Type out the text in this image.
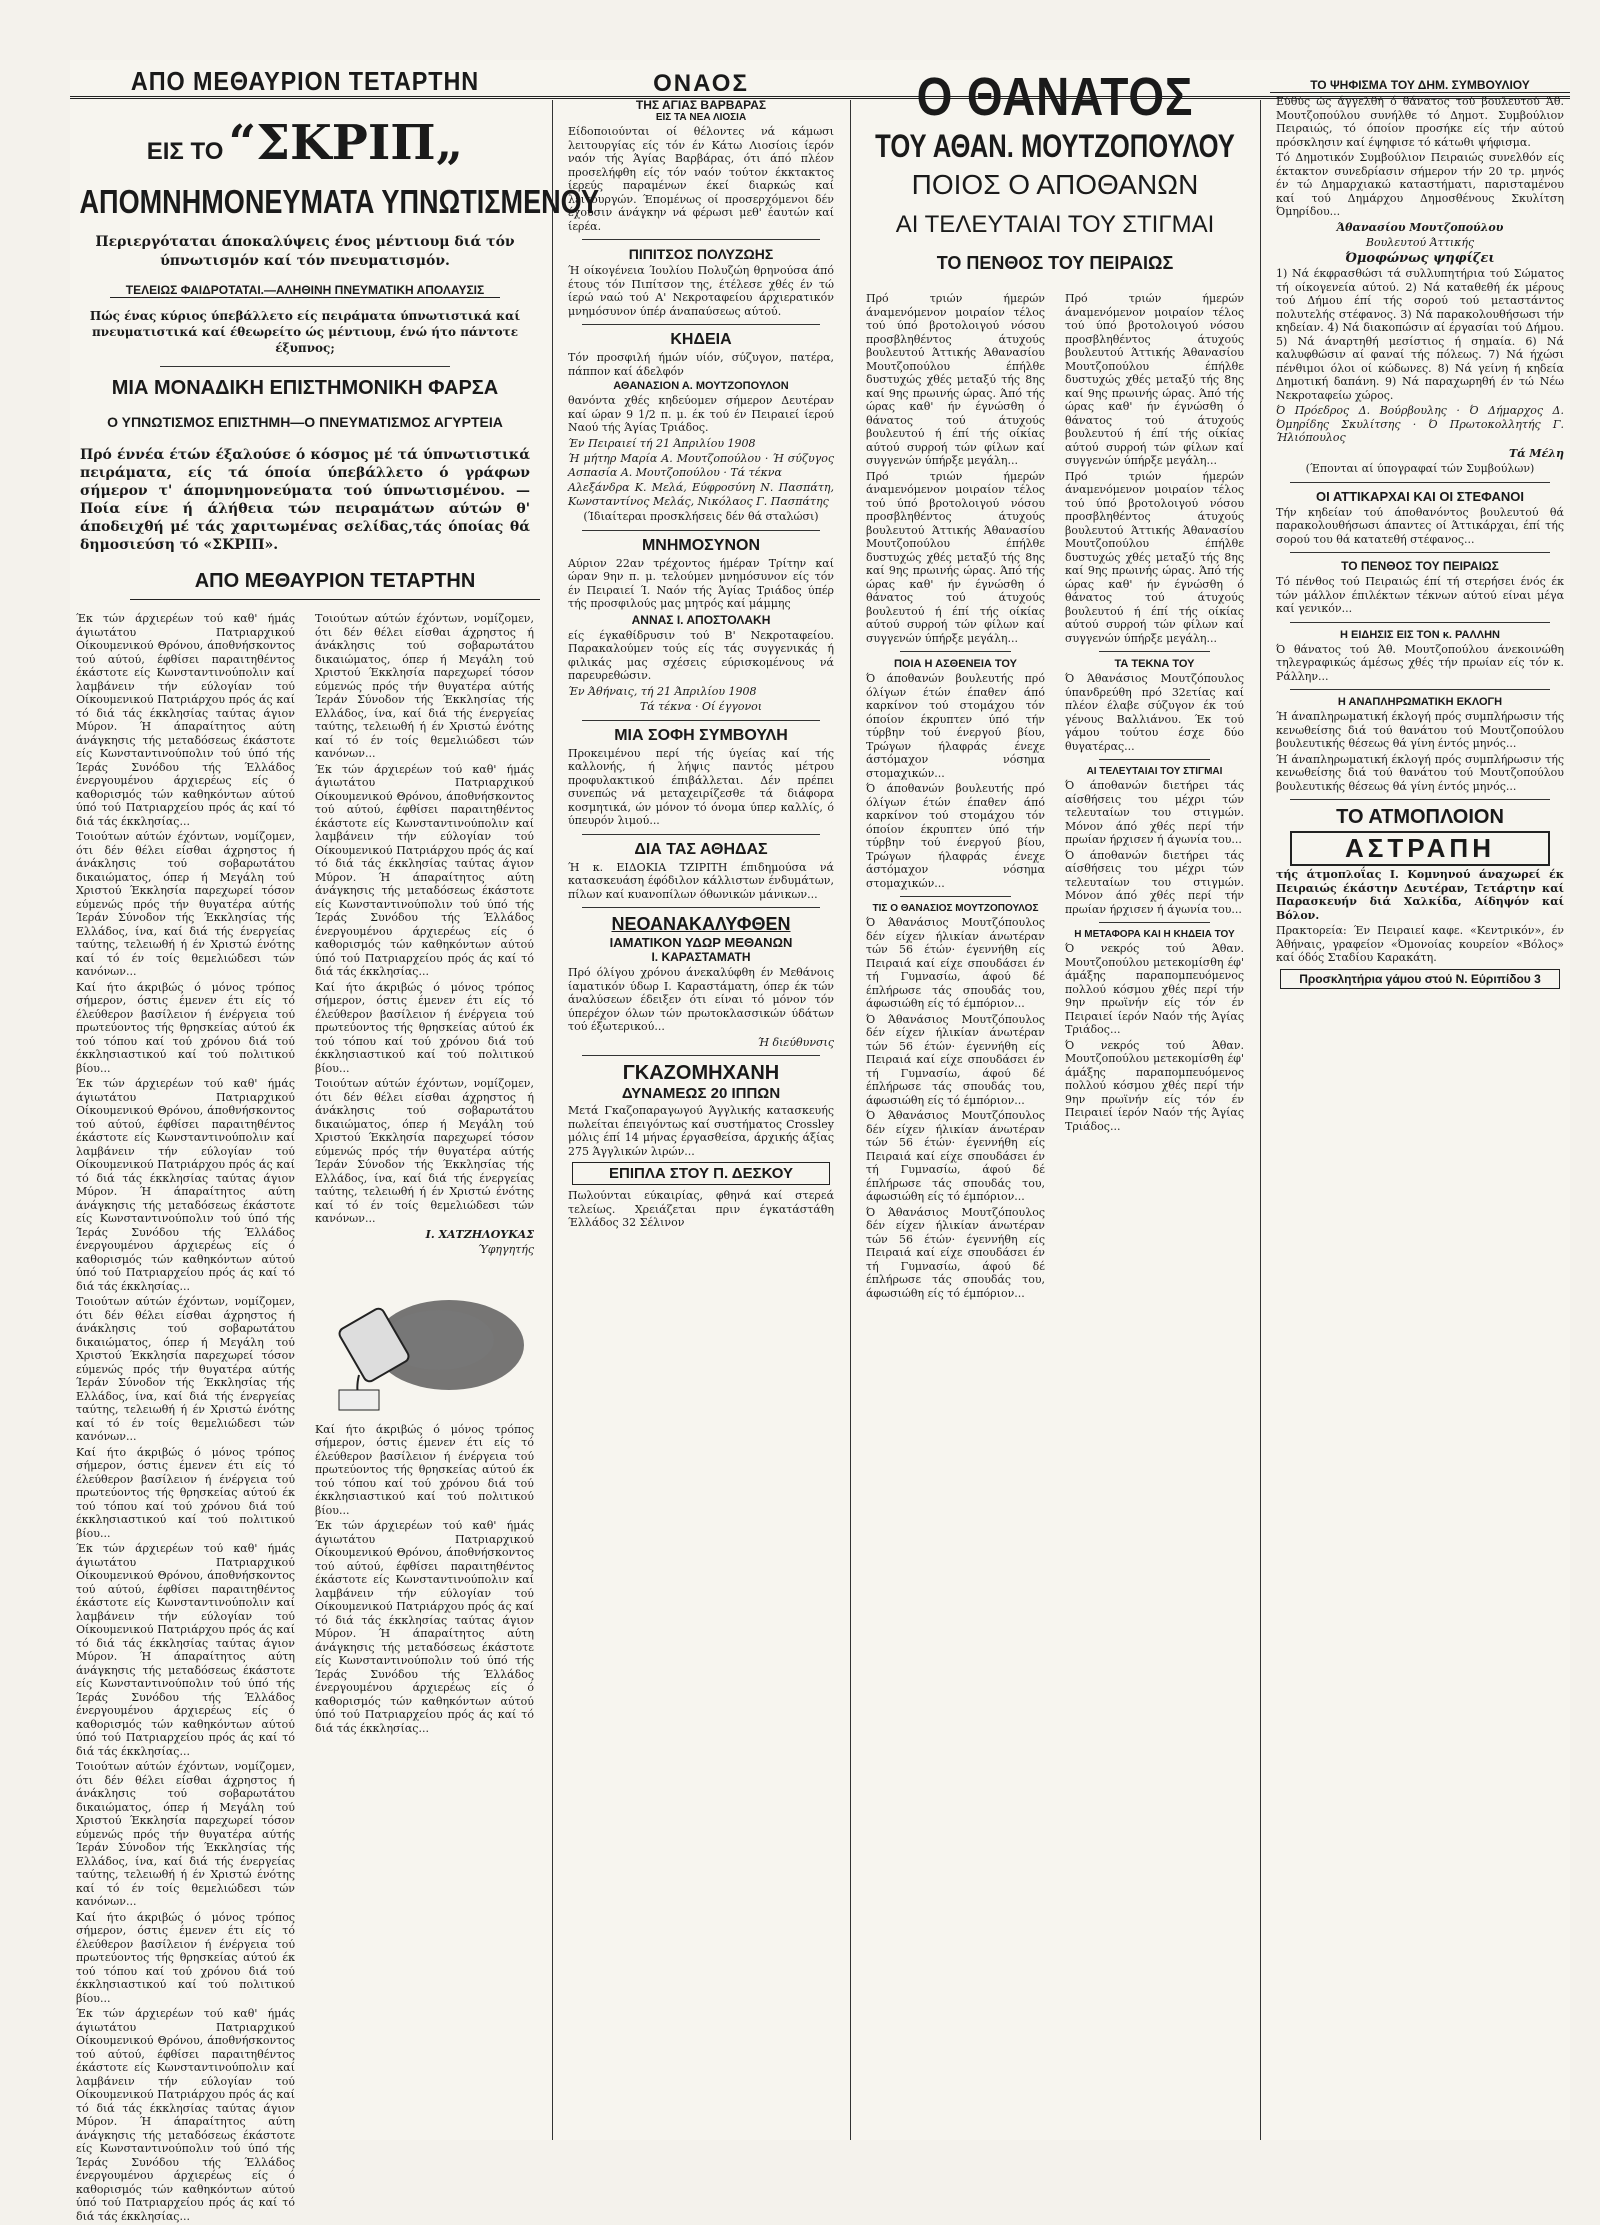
ΑΠΟ ΜΕΘΑΥΡΙΟΝ ΤΕΤΑΡΤΗΝ
ΕΙΣ ΤΟ “ΣΚΡΙΠ„
ΑΠΟΜΝΗΜΟΝΕΥΜΑΤΑ ΥΠΝΩΤΙΣΜΕΝΟΥ
Περιεργόταται άποκαλύψεις ένος μέντιουμ διά τόν ύπνωτισμόν καί τόν πνευματισμόν.
ΤΕΛΕΙΩΣ ΦΑΙΔΡΟΤΑΤΑΙ.—ΑΛΗΘΙΝΗ ΠΝΕΥΜΑΤΙΚΗ ΑΠΟΛΑΥΣΙΣ
Πώς ένας κύριος ύπεβάλλετο είς πειράματα ύπνωτιστικά καί πνευματιστικά καί έθεωρείτο ώς μέντιουμ, ένώ ήτο πάντοτε έξυπνος;
ΜΙΑ ΜΟΝΑΔΙΚΗ ΕΠΙΣΤΗΜΟΝΙΚΗ ΦΑΡΣΑ
Ο ΥΠΝΩΤΙΣΜΟΣ ΕΠΙΣΤΗΜΗ—Ο ΠΝΕΥΜΑΤΙΣΜΟΣ ΑΓΥΡΤΕΙΑ
Πρό έννέα έτών έξαλούσε ό κόσμος μέ τά ύπνωτιστικά πειράματα, είς τά όποία ύπεβάλλετο ό γράφων σήμερον τ' άπομνημονεύματα τού ύπνωτισμένου. — Ποία είνε ή άλήθεια τών πειραμάτων αύτών θ' άποδειχθή μέ τάς χαριτωμένας σελίδας,τάς όποίας θά δημοσιεύση τό «ΣΚΡΙΠ».
ΑΠΟ ΜΕΘΑΥΡΙΟΝ ΤΕΤΑΡΤΗΝ
Έκ τών άρχιερέων τού καθ' ήμάς άγιωτάτου Πατριαρχικού Οίκουμενικού Θρόνου, άποθνήσκοντος τού αύτού, έφθίσει παραιτηθέντος έκάστοτε είς Κωνσταντινούπολιν καί λαμβάνειν τήν εύλογίαν τού Οίκουμενικού Πατριάρχου πρός άς καί τό διά τάς έκκλησίας ταύτας άγιον Μύρον. Ή άπαραίτητος αύτη άνάγκησις τής μεταδόσεως έκάστοτε είς Κωνσταντινούπολιν τού ύπό τής Ίεράς Συνόδου τής Έλλάδος ένεργουμένου άρχιερέως είς ό καθορισμός τών καθηκόντων αύτού ύπό τού Πατριαρχείου πρός άς καί τό διά τάς έκκλησίας...
Τοιούτων αύτών έχόντων, νομίζομεν, ότι δέν θέλει είσθαι άχρηστος ή άνάκλησις τού σοβαρωτάτου δικαιώματος, όπερ ή Μεγάλη τού Χριστού Έκκλησία παρεχωρεί τόσον εύμενώς πρός τήν θυγατέρα αύτής Ίεράν Σύνοδον τής Έκκλησίας τής Ελλάδος, ίνα, καί διά τής ένεργείας ταύτης, τελειωθή ή έν Χριστώ ένότης καί τό έν τοίς θεμελιώδεσι τών κανόνων...
Καί ήτο άκριβώς ό μόνος τρόπος σήμερον, όστις έμενεν έτι είς τό έλεύθερον βασίλειον ή ένέργεια τού πρωτεύοντος τής θρησκείας αύτού έκ τού τόπου καί τού χρόνου διά τού έκκλησιαστικού καί τού πολιτικού βίου...
Έκ τών άρχιερέων τού καθ' ήμάς άγιωτάτου Πατριαρχικού Οίκουμενικού Θρόνου, άποθνήσκοντος τού αύτού, έφθίσει παραιτηθέντος έκάστοτε είς Κωνσταντινούπολιν καί λαμβάνειν τήν εύλογίαν τού Οίκουμενικού Πατριάρχου πρός άς καί τό διά τάς έκκλησίας ταύτας άγιον Μύρον. Ή άπαραίτητος αύτη άνάγκησις τής μεταδόσεως έκάστοτε είς Κωνσταντινούπολιν τού ύπό τής Ίεράς Συνόδου τής Έλλάδος ένεργουμένου άρχιερέως είς ό καθορισμός τών καθηκόντων αύτού ύπό τού Πατριαρχείου πρός άς καί τό διά τάς έκκλησίας...
Τοιούτων αύτών έχόντων, νομίζομεν, ότι δέν θέλει είσθαι άχρηστος ή άνάκλησις τού σοβαρωτάτου δικαιώματος, όπερ ή Μεγάλη τού Χριστού Έκκλησία παρεχωρεί τόσον εύμενώς πρός τήν θυγατέρα αύτής Ίεράν Σύνοδον τής Έκκλησίας τής Ελλάδος, ίνα, καί διά τής ένεργείας ταύτης, τελειωθή ή έν Χριστώ ένότης καί τό έν τοίς θεμελιώδεσι τών κανόνων...
Καί ήτο άκριβώς ό μόνος τρόπος σήμερον, όστις έμενεν έτι είς τό έλεύθερον βασίλειον ή ένέργεια τού πρωτεύοντος τής θρησκείας αύτού έκ τού τόπου καί τού χρόνου διά τού έκκλησιαστικού καί τού πολιτικού βίου...
Έκ τών άρχιερέων τού καθ' ήμάς άγιωτάτου Πατριαρχικού Οίκουμενικού Θρόνου, άποθνήσκοντος τού αύτού, έφθίσει παραιτηθέντος έκάστοτε είς Κωνσταντινούπολιν καί λαμβάνειν τήν εύλογίαν τού Οίκουμενικού Πατριάρχου πρός άς καί τό διά τάς έκκλησίας ταύτας άγιον Μύρον. Ή άπαραίτητος αύτη άνάγκησις τής μεταδόσεως έκάστοτε είς Κωνσταντινούπολιν τού ύπό τής Ίεράς Συνόδου τής Έλλάδος ένεργουμένου άρχιερέως είς ό καθορισμός τών καθηκόντων αύτού ύπό τού Πατριαρχείου πρός άς καί τό διά τάς έκκλησίας...
Τοιούτων αύτών έχόντων, νομίζομεν, ότι δέν θέλει είσθαι άχρηστος ή άνάκλησις τού σοβαρωτάτου δικαιώματος, όπερ ή Μεγάλη τού Χριστού Έκκλησία παρεχωρεί τόσον εύμενώς πρός τήν θυγατέρα αύτής Ίεράν Σύνοδον τής Έκκλησίας τής Ελλάδος, ίνα, καί διά τής ένεργείας ταύτης, τελειωθή ή έν Χριστώ ένότης καί τό έν τοίς θεμελιώδεσι τών κανόνων...
Καί ήτο άκριβώς ό μόνος τρόπος σήμερον, όστις έμενεν έτι είς τό έλεύθερον βασίλειον ή ένέργεια τού πρωτεύοντος τής θρησκείας αύτού έκ τού τόπου καί τού χρόνου διά τού έκκλησιαστικού καί τού πολιτικού βίου...
Έκ τών άρχιερέων τού καθ' ήμάς άγιωτάτου Πατριαρχικού Οίκουμενικού Θρόνου, άποθνήσκοντος τού αύτού, έφθίσει παραιτηθέντος έκάστοτε είς Κωνσταντινούπολιν καί λαμβάνειν τήν εύλογίαν τού Οίκουμενικού Πατριάρχου πρός άς καί τό διά τάς έκκλησίας ταύτας άγιον Μύρον. Ή άπαραίτητος αύτη άνάγκησις τής μεταδόσεως έκάστοτε είς Κωνσταντινούπολιν τού ύπό τής Ίεράς Συνόδου τής Έλλάδος ένεργουμένου άρχιερέως είς ό καθορισμός τών καθηκόντων αύτού ύπό τού Πατριαρχείου πρός άς καί τό διά τάς έκκλησίας...
Τοιούτων αύτών έχόντων, νομίζομεν, ότι δέν θέλει είσθαι άχρηστος ή άνάκλησις τού σοβαρωτάτου δικαιώματος, όπερ ή Μεγάλη τού Χριστού Έκκλησία παρεχωρεί τόσον εύμενώς πρός τήν θυγατέρα αύτής Ίεράν Σύνοδον τής Έκκλησίας τής Ελλάδος, ίνα, καί διά τής ένεργείας ταύτης, τελειωθή ή έν Χριστώ ένότης καί τό έν τοίς θεμελιώδεσι τών κανόνων...
Έκ τών άρχιερέων τού καθ' ήμάς άγιωτάτου Πατριαρχικού Οίκουμενικού Θρόνου, άποθνήσκοντος τού αύτού, έφθίσει παραιτηθέντος έκάστοτε είς Κωνσταντινούπολιν καί λαμβάνειν τήν εύλογίαν τού Οίκουμενικού Πατριάρχου πρός άς καί τό διά τάς έκκλησίας ταύτας άγιον Μύρον. Ή άπαραίτητος αύτη άνάγκησις τής μεταδόσεως έκάστοτε είς Κωνσταντινούπολιν τού ύπό τής Ίεράς Συνόδου τής Έλλάδος ένεργουμένου άρχιερέως είς ό καθορισμός τών καθηκόντων αύτού ύπό τού Πατριαρχείου πρός άς καί τό διά τάς έκκλησίας...
Καί ήτο άκριβώς ό μόνος τρόπος σήμερον, όστις έμενεν έτι είς τό έλεύθερον βασίλειον ή ένέργεια τού πρωτεύοντος τής θρησκείας αύτού έκ τού τόπου καί τού χρόνου διά τού έκκλησιαστικού καί τού πολιτικού βίου...
Τοιούτων αύτών έχόντων, νομίζομεν, ότι δέν θέλει είσθαι άχρηστος ή άνάκλησις τού σοβαρωτάτου δικαιώματος, όπερ ή Μεγάλη τού Χριστού Έκκλησία παρεχωρεί τόσον εύμενώς πρός τήν θυγατέρα αύτής Ίεράν Σύνοδον τής Έκκλησίας τής Ελλάδος, ίνα, καί διά τής ένεργείας ταύτης, τελειωθή ή έν Χριστώ ένότης καί τό έν τοίς θεμελιώδεσι τών κανόνων...
Ι. ΧΑΤΖΗΛΟΥΚΑΣ
Ύφηγητής
Καί ήτο άκριβώς ό μόνος τρόπος σήμερον, όστις έμενεν έτι είς τό έλεύθερον βασίλειον ή ένέργεια τού πρωτεύοντος τής θρησκείας αύτού έκ τού τόπου καί τού χρόνου διά τού έκκλησιαστικού καί τού πολιτικού βίου...
Έκ τών άρχιερέων τού καθ' ήμάς άγιωτάτου Πατριαρχικού Οίκουμενικού Θρόνου, άποθνήσκοντος τού αύτού, έφθίσει παραιτηθέντος έκάστοτε είς Κωνσταντινούπολιν καί λαμβάνειν τήν εύλογίαν τού Οίκουμενικού Πατριάρχου πρός άς καί τό διά τάς έκκλησίας ταύτας άγιον Μύρον. Ή άπαραίτητος αύτη άνάγκησις τής μεταδόσεως έκάστοτε είς Κωνσταντινούπολιν τού ύπό τής Ίεράς Συνόδου τής Έλλάδος ένεργουμένου άρχιερέως είς ό καθορισμός τών καθηκόντων αύτού ύπό τού Πατριαρχείου πρός άς καί τό διά τάς έκκλησίας...
ΟΝΑΟΣ
ΤΗΣ ΑΓΙΑΣ ΒΑΡΒΑΡΑΣ
ΕΙΣ ΤΑ ΝΕΑ ΛΙΟΣΙΑ
Είδοποιούνται οί θέλοντες νά κάμωσι λειτουργίας είς τόν έν Κάτω Λιοσίοις ίερόν ναόν τής Άγίας Βαρβάρας, ότι άπό πλέον προσελήφθη είς τόν ναόν τούτον έκκτακτος ίερεύς παραμένων έκεί διαρκώς καί λειτουργών. Έπομένως οί προσερχόμενοι δέν έχουσιν άνάγκην νά φέρωσι μεθ' έαυτών καί ίερέα.
ΠΙΠΙΤΣΟΣ ΠΟΛΥΖΩΗΣ
Ή οίκογένεια Ίουλίου Πολυζώη θρηνούσα άπό έτους τόν Πιπίτσον της, έτέλεσε χθές έν τώ ίερώ ναώ τού Α' Νεκροταφείου άρχιερατικόν μνημόσυνον ύπέρ άναπαύσεως αύτού.
ΚΗΔΕΙΑ
Τόν προσφιλή ήμών υίόν, σύζυγον, πατέρα, πάππον καί άδελφόν
ΑΘΑΝΑΣΙΟΝ Α. ΜΟΥΤΖΟΠΟΥΛΟΝ
θανόντα χθές κηδεύομεν σήμερον Δευτέραν καί ώραν 9 1/2 π. μ. έκ τού έν Πειραιεί ίερού Ναού τής Άγίας Τριάδος.
Έν Πειραιεί τή 21 Άπριλίου 1908
Ή μήτηρ Μαρία Α. Μουτζοπούλου · Ή σύζυγος Ασπασία Α. Μουτζοπούλου · Τά τέκνα
Αλεξάνδρα Κ. Μελά, Εύφροσύνη Ν. Πασπάτη, Κωνσταντίνος Μελάς, Νικόλαος Γ. Πασπάτης
(Ίδιαίτεραι προσκλήσεις δέν θά σταλώσι)
ΜΝΗΜΟΣΥΝΟΝ
Αύριον 22αν τρέχοντος ήμέραν Τρίτην καί ώραν 9ην π. μ. τελούμεν μνημόσυνον είς τόν έν Πειραιεί Ί. Ναόν τής Άγίας Τριάδος ύπέρ τής προσφιλούς μας μητρός καί μάμμης
ΑΝΝΑΣ Ι. ΑΠΟΣΤΟΛΑΚΗ
είς έγκαθίδρυσιν τού Β' Νεκροταφείου. Παρακαλούμεν τούς είς τάς συγγενικάς ή φιλικάς μας σχέσεις εύρισκομένους νά παρευρεθώσιν.
Έν Άθήναις, τή 21 Άπριλίου 1908
Τά τέκνα · Οί έγγονοι
ΜΙΑ ΣΟΦΗ ΣΥΜΒΟΥΛΗ
Προκειμένου περί τής ύγείας καί τής καλλονής, ή λήψις παντός μέτρου προφυλακτικού έπιβάλλεται. Δέν πρέπει συνεπώς νά μεταχειρίζεσθε τά διάφορα κοσμητικά, ών μόνον τό όνομα ύπερ καλλίς, ό ύπευρόν λιμού...
ΔΙΑ ΤΑΣ ΑΘΗΔΑΣ
Ή κ. ΕΙΔΟΚΙΑ ΤΖΙΡΙΤΗ έπιδημούσα νά κατασκευάση έφόδιλον κάλλιστων ένδυμάτων, πίλων καί κυανοπίλων όθωνικών μάνικων...
ΝΕΟΑΝΑΚΑΛΥΦΘΕΝ
ΙΑΜΑΤΙΚΟΝ ΥΔΩΡ ΜΕΘΑΝΩΝ
Ι. ΚΑΡΑΣΤΑΜΑΤΗ
Πρό όλίγου χρόνου άνεκαλύφθη έν Μεθάνοις ίαματικόν ύδωρ Ι. Καραστάματη, όπερ έκ τών άναλύσεων έδειξεν ότι είναι τό μόνον τόν ύπερέχον όλων τών πρωτοκλασσικών ύδάτων τού έξωτερικού...
Ή διεύθυνσις
ΓΚΑΖΟΜΗΧΑΝΗ
ΔΥΝΑΜΕΩΣ 20 ΙΠΠΩΝ
Μετά Γκαζοπαραγωγού Άγγλικής κατασκευής πωλείται έπειγόντως καί συστήματος Crossley μόλις έπί 14 μήνας έργασθείσα, άρχικής άξίας 275 Άγγλικών λιρών...
ΕΠΙΠΛΑ ΣΤΟΥ Π. ΔΕΣΚΟΥ
Πωλούνται εύκαιρίας, φθηνά καί στερεά τελείως. Χρειάζεται πριν έγκατάστάθη Έλλάδος 32 Σέλινον
Ο ΘΑΝΑΤΟΣ
ΤΟΥ ΑΘΑΝ. ΜΟΥΤΖΟΠΟΥΛΟΥ
ΠΟΙΟΣ Ο ΑΠΟΘΑΝΩΝ
ΑΙ ΤΕΛΕΥΤΑΙΑΙ ΤΟΥ ΣΤΙΓΜΑΙ
ΤΟ ΠΕΝΘΟΣ ΤΟΥ ΠΕΙΡΑΙΩΣ
Πρό τριών ήμερών άναμενόμενον μοιραίον τέλος τού ύπό βροτολοιγού νόσου προσβληθέντος άτυχούς βουλευτού Άττικής Άθανασίου Μουτζοπούλου έπήλθε δυστυχώς χθές μεταξύ τής 8ης καί 9ης πρωινής ώρας. Άπό τής ώρας καθ' ήν έγνώσθη ό θάνατος τού άτυχούς βουλευτού ή έπί τής οίκίας αύτού συρροή τών φίλων καί συγγενών ύπήρξε μεγάλη...
Πρό τριών ήμερών άναμενόμενον μοιραίον τέλος τού ύπό βροτολοιγού νόσου προσβληθέντος άτυχούς βουλευτού Άττικής Άθανασίου Μουτζοπούλου έπήλθε δυστυχώς χθές μεταξύ τής 8ης καί 9ης πρωινής ώρας. Άπό τής ώρας καθ' ήν έγνώσθη ό θάνατος τού άτυχούς βουλευτού ή έπί τής οίκίας αύτού συρροή τών φίλων καί συγγενών ύπήρξε μεγάλη...
ΠΟΙΑ Η ΑΣΘΕΝΕΙΑ ΤΟΥ
Ό άποθανών βουλευτής πρό όλίγων έτών έπαθεν άπό καρκίνον τού στομάχου τόν όποίον έκρυπτεν ύπό τήν τύρβην τού ένεργού βίου, Τρώγων ήλαφράς ένεχε άστόμαχον νόσημα στομαχικών...
Ό άποθανών βουλευτής πρό όλίγων έτών έπαθεν άπό καρκίνον τού στομάχου τόν όποίον έκρυπτεν ύπό τήν τύρβην τού ένεργού βίου, Τρώγων ήλαφράς ένεχε άστόμαχον νόσημα στομαχικών...
ΤΙΣ Ο ΘΑΝΑΣΙΟΣ ΜΟΥΤΖΟΠΟΥΛΟΣ
Ό Άθανάσιος Μουτζόπουλος δέν είχεν ήλικίαν άνωτέραν τών 56 έτών· έγεννήθη είς Πειραιά καί είχε σπουδάσει έν τή Γυμνασίω, άφού δέ έπλήρωσε τάς σπουδάς του, άφωσιώθη είς τό έμπόριον...
Ό Άθανάσιος Μουτζόπουλος δέν είχεν ήλικίαν άνωτέραν τών 56 έτών· έγεννήθη είς Πειραιά καί είχε σπουδάσει έν τή Γυμνασίω, άφού δέ έπλήρωσε τάς σπουδάς του, άφωσιώθη είς τό έμπόριον...
Ό Άθανάσιος Μουτζόπουλος δέν είχεν ήλικίαν άνωτέραν τών 56 έτών· έγεννήθη είς Πειραιά καί είχε σπουδάσει έν τή Γυμνασίω, άφού δέ έπλήρωσε τάς σπουδάς του, άφωσιώθη είς τό έμπόριον...
Ό Άθανάσιος Μουτζόπουλος δέν είχεν ήλικίαν άνωτέραν τών 56 έτών· έγεννήθη είς Πειραιά καί είχε σπουδάσει έν τή Γυμνασίω, άφού δέ έπλήρωσε τάς σπουδάς του, άφωσιώθη είς τό έμπόριον...
Πρό τριών ήμερών άναμενόμενον μοιραίον τέλος τού ύπό βροτολοιγού νόσου προσβληθέντος άτυχούς βουλευτού Άττικής Άθανασίου Μουτζοπούλου έπήλθε δυστυχώς χθές μεταξύ τής 8ης καί 9ης πρωινής ώρας. Άπό τής ώρας καθ' ήν έγνώσθη ό θάνατος τού άτυχούς βουλευτού ή έπί τής οίκίας αύτού συρροή τών φίλων καί συγγενών ύπήρξε μεγάλη...
Πρό τριών ήμερών άναμενόμενον μοιραίον τέλος τού ύπό βροτολοιγού νόσου προσβληθέντος άτυχούς βουλευτού Άττικής Άθανασίου Μουτζοπούλου έπήλθε δυστυχώς χθές μεταξύ τής 8ης καί 9ης πρωινής ώρας. Άπό τής ώρας καθ' ήν έγνώσθη ό θάνατος τού άτυχούς βουλευτού ή έπί τής οίκίας αύτού συρροή τών φίλων καί συγγενών ύπήρξε μεγάλη...
ΤΑ ΤΕΚΝΑ ΤΟΥ
Ό Άθανάσιος Μουτζόπουλος ύπανδρεύθη πρό 32ετίας καί πλέον έλαβε σύζυγον έκ τού γένους Βαλλιάνου. Έκ τού γάμου τούτου έσχε δύο θυγατέρας...
ΑΙ ΤΕΛΕΥΤΑΙΑΙ ΤΟΥ ΣΤΙΓΜΑΙ
Ό άποθανών διετήρει τάς αίσθήσεις του μέχρι τών τελευταίων του στιγμών. Μόνον άπό χθές περί τήν πρωίαν ήρχισεν ή άγωνία του...
Ό άποθανών διετήρει τάς αίσθήσεις του μέχρι τών τελευταίων του στιγμών. Μόνον άπό χθές περί τήν πρωίαν ήρχισεν ή άγωνία του...
Η ΜΕΤΑΦΟΡΑ ΚΑΙ Η ΚΗΔΕΙΑ ΤΟΥ
Ό νεκρός τού Άθαν. Μουτζοπούλου μετεκομίσθη έφ' άμάξης παραπομπευόμενος πολλού κόσμου χθές περί τήν 9ην πρωϊνήν είς τόν έν Πειραιεί ίερόν Ναόν τής Άγίας Τριάδος...
Ό νεκρός τού Άθαν. Μουτζοπούλου μετεκομίσθη έφ' άμάξης παραπομπευόμενος πολλού κόσμου χθές περί τήν 9ην πρωϊνήν είς τόν έν Πειραιεί ίερόν Ναόν τής Άγίας Τριάδος...
ΤΟ ΨΗΦΙΣΜΑ ΤΟΥ ΔΗΜ. ΣΥΜΒΟΥΛΙΟΥ
Εύθύς ώς άγγελθή ό θάνατος τού βουλευτού Άθ. Μουτζοπούλου συνήλθε τό Δημοτ. Συμβούλιον Πειραιώς, τό όποίον προσήκε είς τήν αύτού πρόσκλησιν καί έψηφισε τό κάτωθι ψήφισμα.
Τό Δημοτικόν Συμβούλιον Πειραιώς συνελθόν είς έκτακτον συνεδρίασιν σήμερον τήν 20 τρ. μηνός έν τώ Δημαρχιακώ καταστήματι, παρισταμένου καί τού Δημάρχου Δημοσθένους Σκυλίτση Όμηρίδου...
Άθανασίου Μουτζοπούλου
Βουλευτού Άττικής
Όμοφώνως ψηφίζει
1) Νά έκφρασθώσι τά συλλυπητήρια τού Σώματος τή οίκογενεία αύτού. 2) Νά καταθεθή έκ μέρους τού Δήμου έπί τής σορού τού μεταστάντος πολυτελής στέφανος. 3) Νά παρακολουθήσωσι τήν κηδείαν. 4) Νά διακοπώσιν αί έργασίαι τού Δήμου. 5) Νά άναρτηθή μεσίστιος ή σημαία. 6) Νά καλυφθώσιν αί φαναί τής πόλεως. 7) Νά ήχώσι πένθιμοι όλοι οί κώδωνες. 8) Νά γείνη ή κηδεία Δημοτική δαπάνη. 9) Νά παραχωρηθή έν τώ Νέω Νεκροταφείω χώρος.
Ό Πρόεδρος Δ. Βούρβουλης · Ό Δήμαρχος Δ. Όμηρίδης Σκυλίτσης · Ό Πρωτοκολλητής Γ. Ήλιόπουλος
Τά Μέλη
(Έπονται αί ύπογραφαί τών Συμβούλων)
ΟΙ ΑΤΤΙΚΑΡΧΑΙ ΚΑΙ ΟΙ ΣΤΕΦΑΝΟΙ
Τήν κηδείαν τού άποθανόντος βουλευτού θά παρακολουθήσωσι άπαντες οί Άττικάρχαι, έπί τής σορού του θά κατατεθή στέφανος...
ΤΟ ΠΕΝΘΟΣ ΤΟΥ ΠΕΙΡΑΙΩΣ
Τό πένθος τού Πειραιώς έπί τή στερήσει ένός έκ τών μάλλον έπιλέκτων τέκνων αύτού είναι μέγα καί γενικόν...
Η ΕΙΔΗΣΙΣ ΕΙΣ ΤΟΝ κ. ΡΑΛΛΗΝ
Ό θάνατος τού Άθ. Μουτζοπούλου άνεκοινώθη τηλεγραφικώς άμέσως χθές τήν πρωίαν είς τόν κ. Ράλλην...
Η ΑΝΑΠΛΗΡΩΜΑΤΙΚΗ ΕΚΛΟΓΗ
Ή άναπληρωματική έκλογή πρός συμπλήρωσιν τής κενωθείσης διά τού θανάτου τού Μουτζοπούλου βουλευτικής θέσεως θά γίνη έντός μηνός...
Ή άναπληρωματική έκλογή πρός συμπλήρωσιν τής κενωθείσης διά τού θανάτου τού Μουτζοπούλου βουλευτικής θέσεως θά γίνη έντός μηνός...
ΤΟ ΑΤΜΟΠΛΟΙΟΝ
ΑΣΤΡΑΠΗ
τής άτμοπλοΐας Ι. Κομνηνού άναχωρεί έκ Πειραιώς έκάστην Δευτέραν, Τετάρτην καί Παρασκευήν διά Χαλκίδα, Αίδηψόν καί Βόλον.
Πρακτορεία: Έν Πειραιεί καφε. «Κεντρικόν», έν Άθήναις, γραφείον «Όμονοίας κουρείον «Βόλος» καί όδός Σταδίου Καρακάτη.
Προσκλητήρια γάμου στού Ν. Εύριπίδου 3
